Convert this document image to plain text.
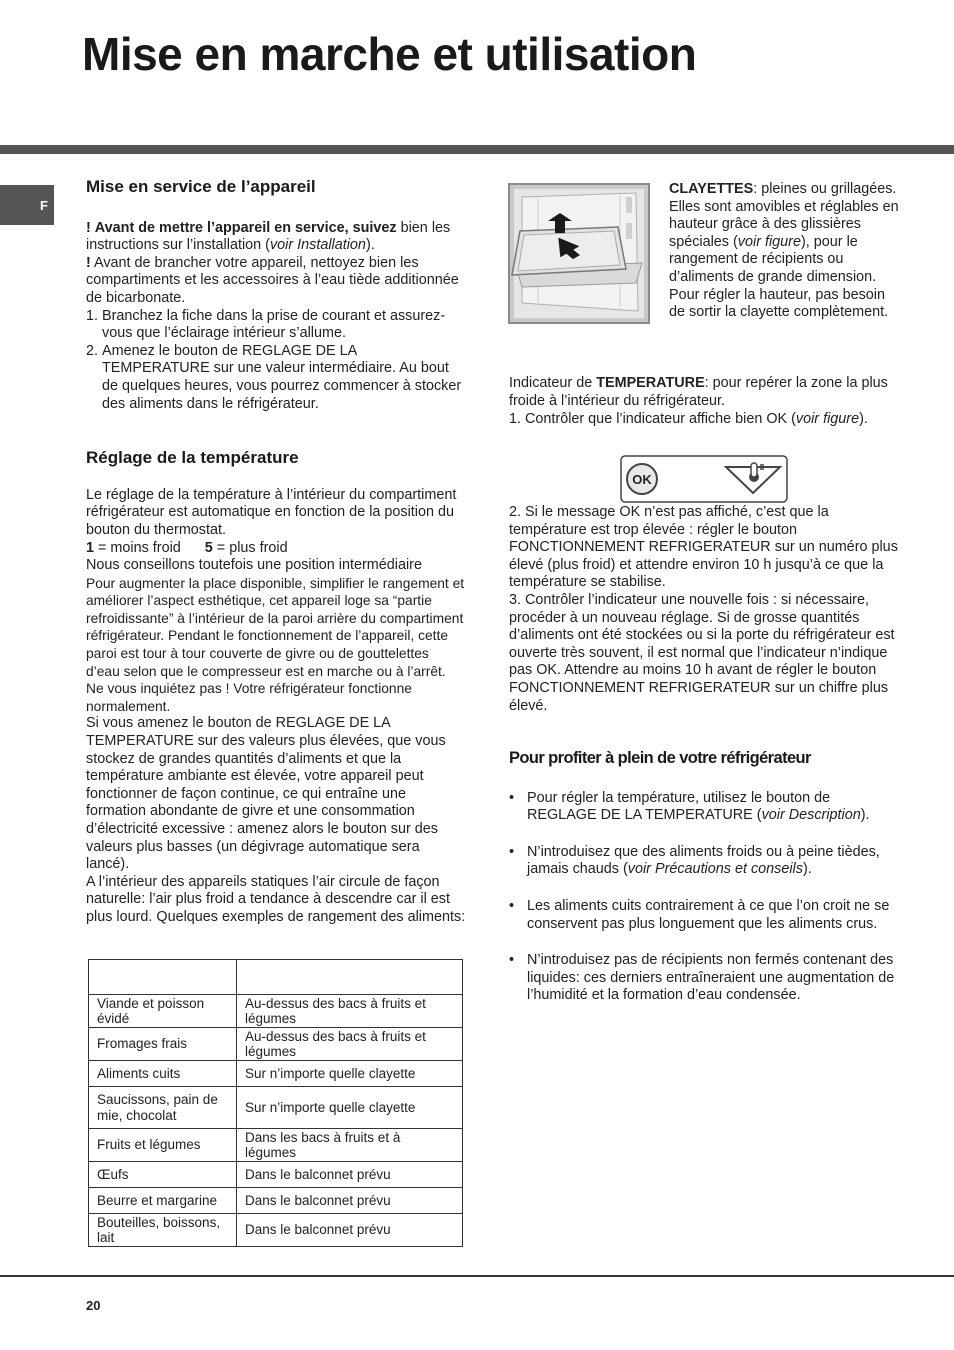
Mise en marche et utilisation
F

Mise en service de l’appareil

! Avant de mettre l’appareil en service, suivez bien les instructions sur l’installation (voir Installation).

! Avant de brancher votre appareil, nettoyez bien les compartiments et les accessoires à l’eau tiède additionnée de bicarbonate.

1. Branchez la fiche dans la prise de courant et assurez-vous que l’éclairage intérieur s’allume.
2. Amenez le bouton de REGLAGE DE LA TEMPERATURE sur une valeur intermédiaire. Au bout de quelques heures, vous pourrez commencer à stocker des aliments dans le réfrigérateur.

Réglage de la température

Le réglage de la température à l’intérieur du compartiment réfrigérateur est automatique en fonction de la position du bouton du thermostat.

1 = moins froid 5 = plus froid

Nous conseillons toutefois une position intermédiaire

Pour augmenter la place disponible, simplifier le rangement et améliorer l’aspect esthétique, cet appareil loge sa “partie refroidissante” à l’intérieur de la paroi arrière du compartiment réfrigérateur. Pendant le fonctionnement de l’appareil, cette paroi est tour à tour couverte de givre ou de gouttelettes d’eau selon que le compresseur est en marche ou à l’arrêt. Ne vous inquiétez pas ! Votre réfrigérateur fonctionne normalement.

Si vous amenez le bouton de REGLAGE DE LA TEMPERATURE sur des valeurs plus élevées, que vous stockez de grandes quantités d’aliments et que la température ambiante est élevée, votre appareil peut fonctionner de façon continue, ce qui entraîne une formation abondante de givre et une consommation d’électricité excessive : amenez alors le bouton sur des valeurs plus basses (un dégivrage automatique sera lancé).

A l’intérieur des appareils statiques l’air circule de façon naturelle: l’air plus froid a tendance à descendre car il est plus lourd. Quelques exemples de rangement des aliments:

Viande et poisson évidé	Au-dessus des bacs à fruits et légumes
Fromages frais	Au-dessus des bacs à fruits et légumes
Aliments cuits	Sur n’importe quelle clayette
Saucissons, pain de mie, chocolat	Sur n’importe quelle clayette
Fruits et légumes	Dans les bacs à fruits et à légumes
Œufs	Dans le balconnet prévu
Beurre et margarine	Dans le balconnet prévu
Bouteilles, boissons, lait	Dans le balconnet prévu

CLAYETTES: pleines ou grillagées. Elles sont amovibles et réglables en hauteur grâce à des glissières spéciales (voir figure), pour le rangement de récipients ou d’aliments de grande dimension. Pour régler la hauteur, pas besoin de sortir la clayette complètement.

Indicateur de TEMPERATURE: pour repérer la zone la plus froide à l’intérieur du réfrigérateur.

1. Contrôler que l’indicateur affiche bien OK (voir figure).

OK

2. Si le message OK n’est pas affiché, c’est que la température est trop élevée : régler le bouton FONCTIONNEMENT REFRIGERATEUR sur un numéro plus élevé (plus froid) et attendre environ 10 h jusqu’à ce que la température se stabilise.

3. Contrôler l’indicateur une nouvelle fois : si nécessaire, procéder à un nouveau réglage. Si de grosse quantités d’aliments ont été stockées ou si la porte du réfrigérateur est ouverte très souvent, il est normal que l’indicateur n’indique pas OK. Attendre au moins 10 h avant de régler le bouton FONCTIONNEMENT REFRIGERATEUR sur un chiffre plus élevé.

Pour profiter à plein de votre réfrigérateur

• Pour régler la température, utilisez le bouton de REGLAGE DE LA TEMPERATURE (voir Description).
• N’introduisez que des aliments froids ou à peine tièdes, jamais chauds (voir Précautions et conseils).
• Les aliments cuits contrairement à ce que l’on croit ne se conservent pas plus longuement que les aliments crus.
• N’introduisez pas de récipients non fermés contenant des liquides: ces derniers entraîneraient une augmentation de l’humidité et la formation d’eau condensée.
20
